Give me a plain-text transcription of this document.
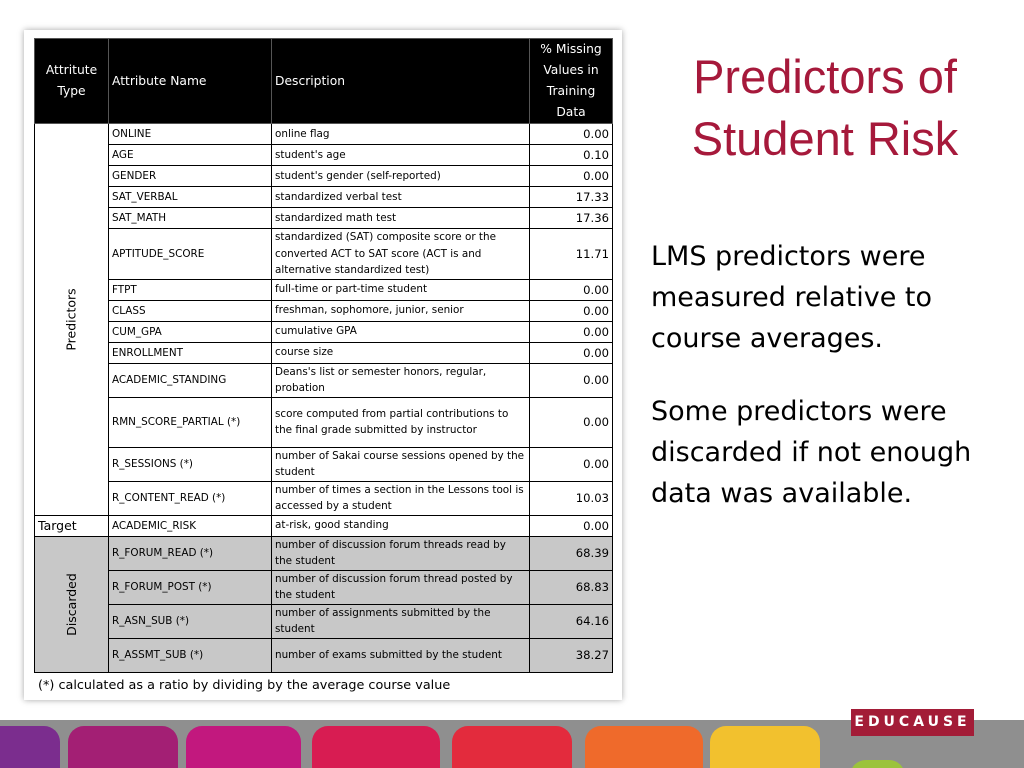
Attritute Type	Attribute Name	Description	% Missing Values in Training Data
Predictors	ONLINE	online flag	0.00
	AGE	student's age	0.10
	GENDER	student's gender (self-reported)	0.00
	SAT_VERBAL	standardized verbal test	17.33
	SAT_MATH	standardized math test	17.36
	APTITUDE_SCORE	standardized (SAT) composite score or the converted ACT to SAT score (ACT is and alternative standardized test)	11.71
	FTPT	full-time or part-time student	0.00
	CLASS	freshman, sophomore, junior, senior	0.00
	CUM_GPA	cumulative GPA	0.00
	ENROLLMENT	course size	0.00
	ACADEMIC_STANDING	Deans's list or semester honors, regular, probation	0.00
	RMN_SCORE_PARTIAL (*)	score computed from partial contributions to the final grade submitted by instructor	0.00
	R_SESSIONS (*)	number of Sakai course sessions opened by the student	0.00
	R_CONTENT_READ (*)	number of times a section in the Lessons tool is accessed by a student	10.03
Target	ACADEMIC_RISK	at-risk, good standing	0.00
Discarded	R_FORUM_READ (*)	number of discussion forum threads read by the student	68.39
	R_FORUM_POST (*)	number of discussion forum thread posted by the student	68.83
	R_ASN_SUB (*)	number of assignments submitted by the student	64.16
	R_ASSMT_SUB (*)	number of exams submitted by the student	38.27
(*) calculated as a ratio by dividing by the average course value
Predictors of Student Risk
LMS predictors were measured relative to course averages.
Some predictors were discarded if not enough data was available.
EDUCAUSE
